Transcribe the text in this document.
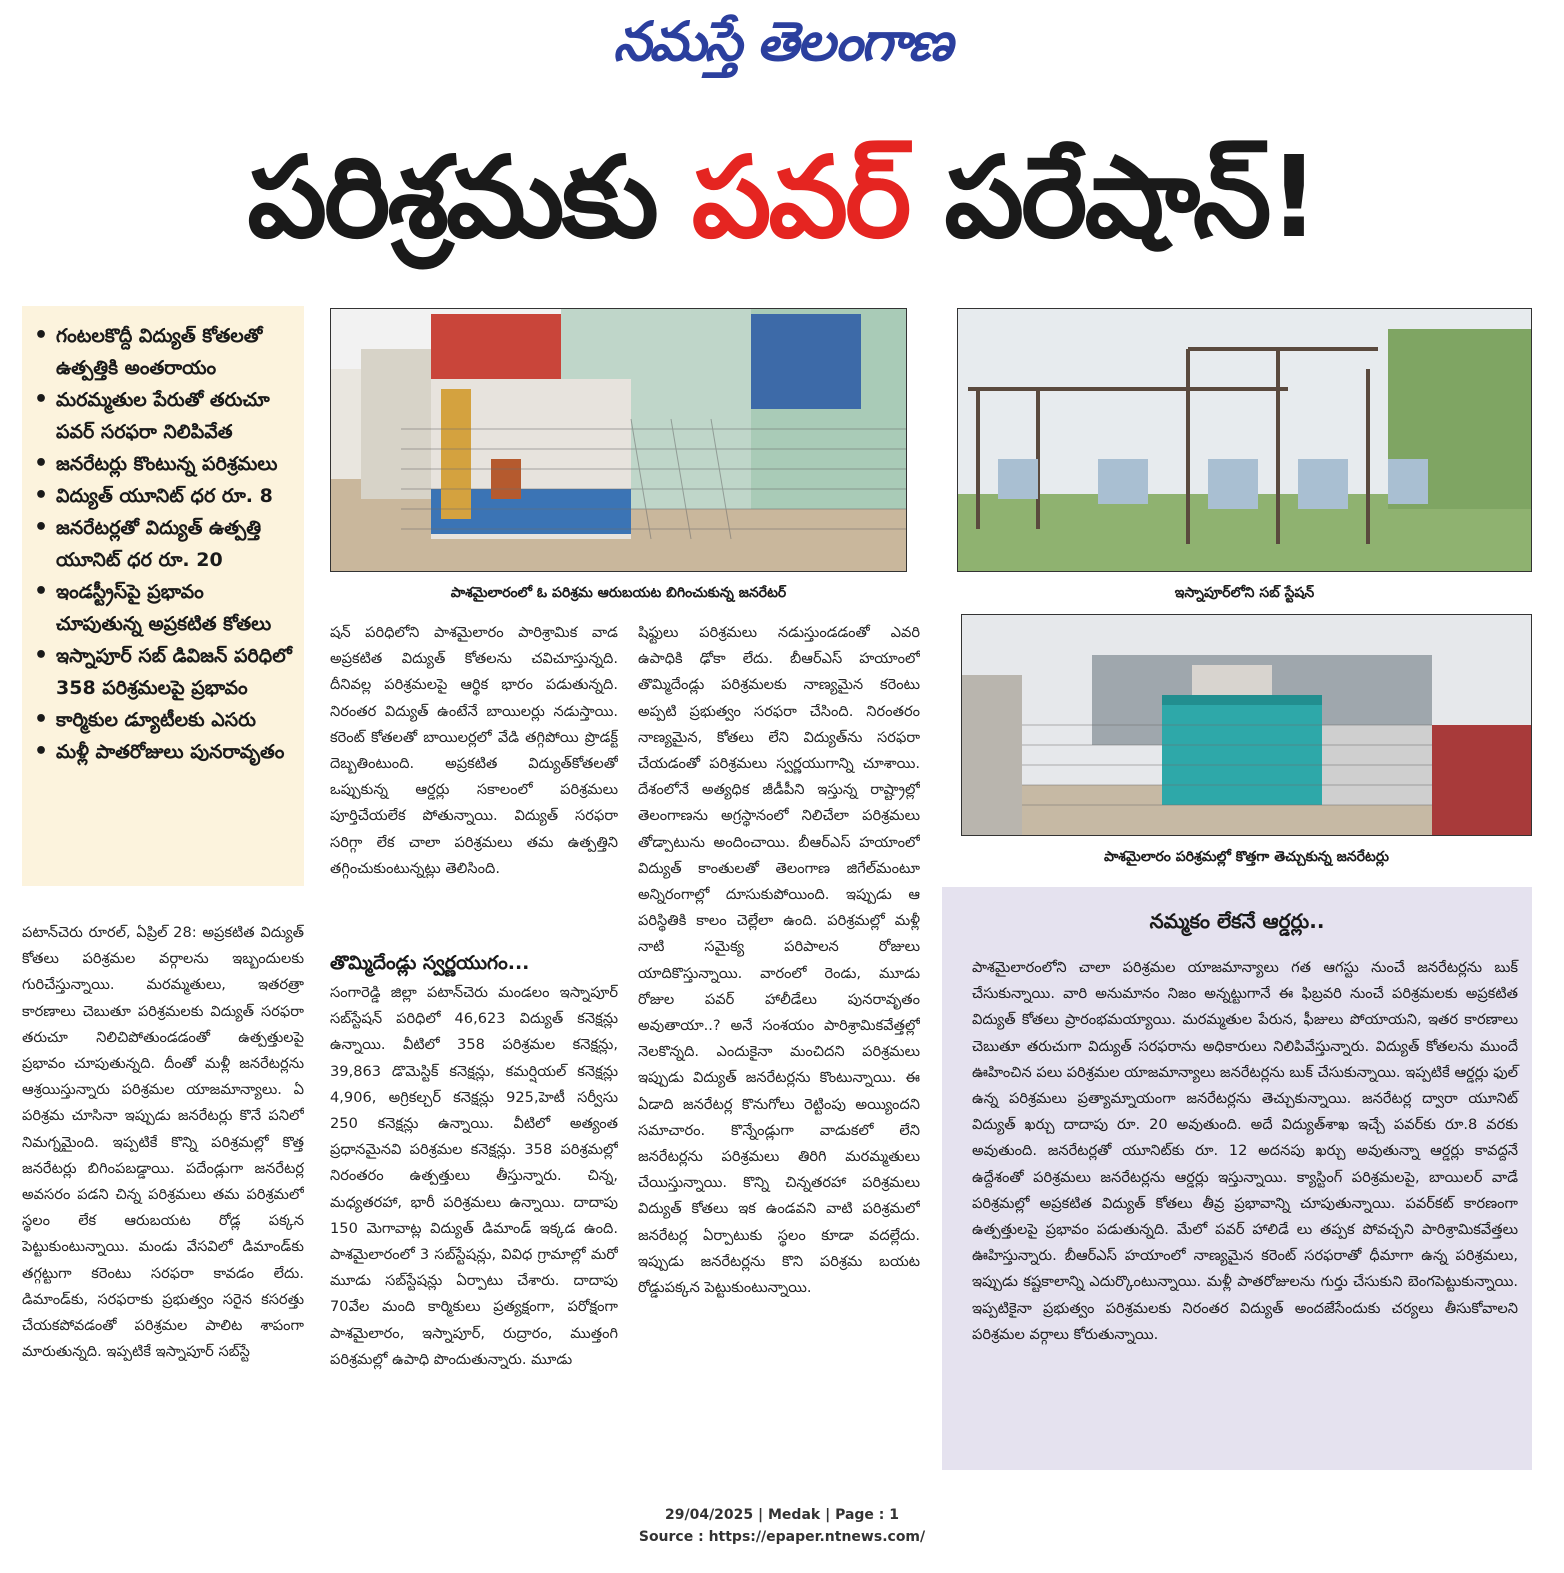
నమస్తే తెలంగాణ
పరిశ్రమకు పవర్ పరేషాన్!
• గంటలకొద్దీ విద్యుత్ కోతలతో ఉత్పత్తికి అంతరాయం
• మరమ్మతుల పేరుతో తరుచూ పవర్ సరఫరా నిలిపివేత
• జనరేటర్లు కొంటున్న పరిశ్రమలు
• విద్యుత్ యూనిట్ ధర రూ. 8
• జనరేటర్లతో విద్యుత్ ఉత్పత్తి యూనిట్ ధర రూ. 20
• ఇండస్ట్రీస్‌పై ప్రభావం చూపుతున్న అప్రకటిత కోతలు
• ఇస్నాపూర్ సబ్ డివిజన్ పరిధిలో 358 పరిశ్రమలపై ప్రభావం
• కార్మికుల డ్యూటీలకు ఎసరు
• మళ్లీ పాతరోజులు పునరావృతం
పాశమైలారంలో ఓ పరిశ్రమ ఆరుబయట బిగించుకున్న జనరేటర్	ఇస్నాపూర్‌లోని సబ్ స్టేషన్
పాశమైలారం పరిశ్రమల్లో కొత్తగా తెచ్చుకున్న జనరేటర్లు
పటాన్‌చెరు రూరల్, ఏప్రిల్ 28: అప్రకటిత విద్యుత్ కోతలు పరిశ్రమల వర్గాలను ఇబ్బందులకు గురిచేస్తున్నాయి. మరమ్మతులు, ఇతరత్రా కారణాలు చెబుతూ పరిశ్రమలకు విద్యుత్ సరఫరా తరుచూ నిలిచిపోతుండడంతో ఉత్పత్తులపై ప్రభావం చూపుతున్నది. దీంతో మళ్లీ జనరేటర్లను ఆశ్రయిస్తున్నారు పరిశ్రమల యాజమాన్యాలు. ఏ పరిశ్రమ చూసినా ఇప్పుడు జనరేటర్లు కొనే పనిలో నిమగ్నమైంది. ఇప్పటికే కొన్ని పరిశ్రమల్లో కొత్త జనరేటర్లు బిగింపబడ్డాయి. పదేండ్లుగా జనరేటర్ల అవసరం పడని చిన్న పరిశ్రమలు తమ పరిశ్రమలో స్థలం లేక ఆరుబయట రోడ్ల పక్కన పెట్టుకుంటున్నాయి. మండు వేసవిలో డిమాండ్‌కు తగ్గట్టుగా కరెంటు సరఫరా కావడం లేదు. డిమాండ్‌కు, సరఫరాకు ప్రభుత్వం సరైన కసరత్తు చేయకపోవడంతో పరిశ్రమల పాలిట శాపంగా మారుతున్నది. ఇప్పటికే ఇస్నాపూర్ సబ్‌స్టే
షన్ పరిధిలోని పాశమైలారం పారిశ్రామిక వాడ అప్రకటిత విద్యుత్ కోతలను చవిచూస్తున్నది. దీనివల్ల పరిశ్రమలపై ఆర్థిక భారం పడుతున్నది. నిరంతర విద్యుత్ ఉంటేనే బాయిలర్లు నడుస్తాయి. కరెంట్ కోతలతో బాయిలర్లలో వేడి తగ్గిపోయి ప్రొడక్ట్ దెబ్బతింటుంది. అప్రకటిత విద్యుత్‌కోతలతో ఒప్పుకున్న ఆర్డర్లు సకాలంలో పరిశ్రమలు పూర్తిచేయలేక పోతున్నాయి. విద్యుత్ సరఫరా సరిగ్గా లేక చాలా పరిశ్రమలు తమ ఉత్పత్తిని తగ్గించుకుంటున్నట్లు తెలిసింది.
తొమ్మిదేండ్లు స్వర్ణయుగం...
సంగారెడ్డి జిల్లా పటాన్‌చెరు మండలం ఇస్నాపూర్ సబ్‌స్టేషన్ పరిధిలో 46,623 విద్యుత్ కనెక్షన్లు ఉన్నాయి. వీటిలో 358 పరిశ్రమల కనెక్షన్లు, 39,863 డొమెస్టిక్ కనెక్షన్లు, కమర్షియల్ కనెక్షన్లు 4,906, అగ్రికల్చర్ కనెక్షన్లు 925,హెటీ సర్వీసు 250 కనెక్షన్లు ఉన్నాయి. వీటిలో అత్యంత ప్రధానమైనవి పరిశ్రమల కనెక్షన్లు. 358 పరిశ్రమల్లో నిరంతరం ఉత్పత్తులు తీస్తున్నారు. చిన్న, మధ్యతరహా, భారీ పరిశ్రమలు ఉన్నాయి. దాదాపు 150 మెగావాట్ల విద్యుత్ డిమాండ్ ఇక్కడ ఉంది. పాశమైలారంలో 3 సబ్‌స్టేషన్లు, వివిధ గ్రామాల్లో మరో మూడు సబ్‌స్టేషన్లు ఏర్పాటు చేశారు. దాదాపు 70వేల మంది కార్మికులు ప్రత్యక్షంగా, పరోక్షంగా పాశమైలారం, ఇస్నాపూర్, రుద్రారం, ముత్తంగి పరిశ్రమల్లో ఉపాధి పొందుతున్నారు. మూడు
షిఫ్టులు పరిశ్రమలు నడుస్తుండడంతో ఎవరి ఉపాధికి ఢోకా లేదు. బీఆర్‌ఎస్ హయాంలో తొమ్మిదేండ్లు పరిశ్రమలకు నాణ్యమైన కరెంటు అప్పటి ప్రభుత్వం సరఫరా చేసింది. నిరంతరం నాణ్యమైన, కోతలు లేని విద్యుత్‌ను సరఫరా చేయడంతో పరిశ్రమలు స్వర్ణయుగాన్ని చూశాయి. దేశంలోనే అత్యధిక జీడీపీని ఇస్తున్న రాష్ట్రాల్లో తెలంగాణను అగ్రస్థానంలో నిలిచేలా పరిశ్రమలు తోడ్పాటును అందించాయి. బీఆర్‌ఎస్ హయాంలో విద్యుత్ కాంతులతో తెలంగాణ జిగేల్‌మంటూ అన్నిరంగాల్లో దూసుకుపోయింది. ఇప్పుడు ఆ పరిస్థితికి కాలం చెల్లేలా ఉంది. పరిశ్రమల్లో మళ్లీ నాటి సమైక్య పరిపాలన రోజులు యాదికొస్తున్నాయి. వారంలో రెండు, మూడు రోజుల పవర్ హాలీడేలు పునరావృతం అవుతాయా..? అనే సంశయం పారిశ్రామికవేత్తల్లో నెలకొన్నది. ఎందుకైనా మంచిదని పరిశ్రమలు ఇప్పుడు విద్యుత్ జనరేటర్లను కొంటున్నాయి. ఈ ఏడాది జనరేటర్ల కొనుగోలు రెట్టింపు అయ్యిందని సమాచారం. కొన్నేండ్లుగా వాడుకలో లేని జనరేటర్లను పరిశ్రమలు తిరిగి మరమ్మతులు చేయిస్తున్నాయి. కొన్ని చిన్నతరహా పరిశ్రమలు విద్యుత్ కోతలు ఇక ఉండవని వాటి పరిశ్రమలో జనరేటర్ల ఏర్పాటుకు స్థలం కూడా వదల్లేదు. ఇప్పుడు జనరేటర్లను కొని పరిశ్రమ బయట రోడ్డుపక్కన పెట్టుకుంటున్నాయి.
నమ్మకం లేకనే ఆర్డర్లు..
పాశమైలారంలోని చాలా పరిశ్రమల యాజమాన్యాలు గత ఆగస్టు నుంచే జనరేటర్లను బుక్ చేసుకున్నాయి. వారి అనుమానం నిజం అన్నట్టుగానే ఈ ఫిబ్రవరి నుంచే పరిశ్రమలకు అప్రకటిత విద్యుత్ కోతలు ప్రారంభమయ్యాయి. మరమ్మతుల పేరున, ఫీజులు పోయాయని, ఇతర కారణాలు చెబుతూ తరుచుగా విద్యుత్ సరఫరాను అధికారులు నిలిపివేస్తున్నారు. విద్యుత్ కోతలను ముందే ఊహించిన పలు పరిశ్రమల యాజమాన్యాలు జనరేటర్లను బుక్ చేసుకున్నాయి. ఇప్పటికే ఆర్డర్లు ఫుల్ ఉన్న పరిశ్రమలు ప్రత్యామ్నాయంగా జనరేటర్లను తెచ్చుకున్నాయి. జనరేటర్ల ద్వారా యూనిట్ విద్యుత్ ఖర్చు దాదాపు రూ. 20 అవుతుంది. అదే విద్యుత్‌శాఖ ఇచ్చే పవర్‌కు రూ.8 వరకు అవుతుంది. జనరేటర్లతో యూనిట్‌కు రూ. 12 అదనపు ఖర్చు అవుతున్నా ఆర్డర్లు కావద్దనే ఉద్దేశంతో పరిశ్రమలు జనరేటర్లను ఆర్డర్లు ఇస్తున్నాయి. క్యాస్టింగ్ పరిశ్రమలపై, బాయిలర్ వాడే పరిశ్రమల్లో అప్రకటిత విద్యుత్ కోతలు తీవ్ర ప్రభావాన్ని చూపుతున్నాయి. పవర్‌కట్ కారణంగా ఉత్పత్తులపై ప్రభావం పడుతున్నది. మేలో పవర్ హాలిడే లు తప్పక పోవచ్చని పారిశ్రామికవేత్తలు ఊహిస్తున్నారు. బీఆర్‌ఎస్ హయాంలో నాణ్యమైన కరెంట్ సరఫరాతో ధీమాగా ఉన్న పరిశ్రమలు, ఇప్పుడు కష్టకాలాన్ని ఎదుర్కొంటున్నాయి. మళ్లీ పాతరోజులను గుర్తు చేసుకుని బెంగపెట్టుకున్నాయి. ఇప్పటికైనా ప్రభుత్వం పరిశ్రమలకు నిరంతర విద్యుత్ అందజేసేందుకు చర్యలు తీసుకోవాలని పరిశ్రమల వర్గాలు కోరుతున్నాయి.
29/04/2025 | Medak | Page : 1
Source : https://epaper.ntnews.com/
